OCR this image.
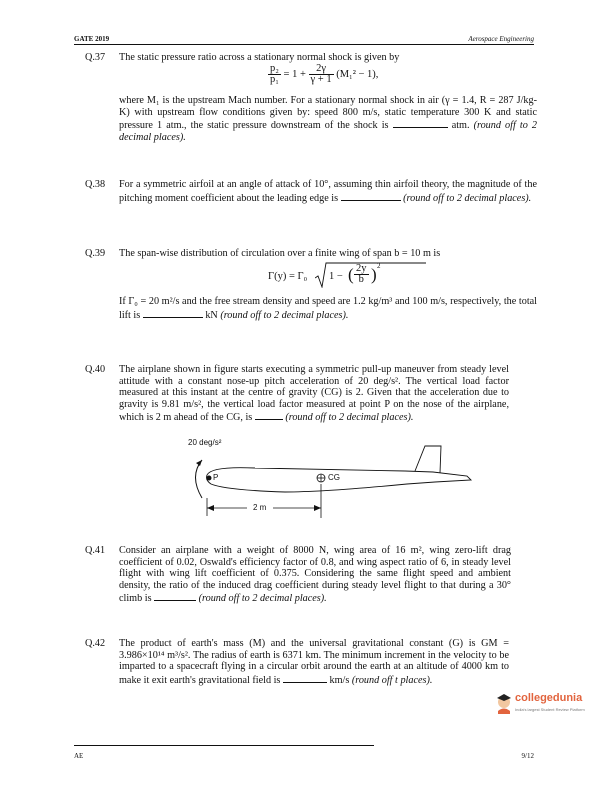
GATE 2019	Aerospace Engineering
Q.37	The static pressure ratio across a stationary normal shock is given by
$\frac{\text{p₂}}{\text{p₁}} = 1 + \frac{2\gamma}{\gamma + 1} (M_1^2 - 1)$,
where M₁ is the upstream Mach number. For a stationary normal shock in air (γ = 1.4, R = 287 J/kg-K) with upstream flow conditions given by: speed 800 m/s, static temperature 300 K and static pressure 1 atm., the static pressure downstream of the shock is	atm. (round off to 2 decimal places).
Q.38	For a symmetric airfoil at an angle of attack of 10°, assuming thin airfoil theory, the magnitude of the pitching moment coefficient about the leading edge is	(round off to 2 decimal places).
Q.39	The span-wise distribution of circulation over a finite wing of span b = 10 m is
Γ(y) = Γ₀ 1 − ( $\frac{2y}{b}$ ) 2
If Γ₀ = 20 m²/s and the free stream density and speed are 1.2 kg/m³ and 100 m/s, respectively, the total lift is	kN (round off to 2 decimal places).
Q.40	The airplane shown in figure starts executing a symmetric pull-up maneuver from steady level attitude with a constant nose-up pitch acceleration of 20 deg/s². The vertical load factor measured at this instant at the centre of gravity (CG) is 2. Given that the acceleration due to gravity is 9.81 m/s², the vertical load factor measured at point P on the nose of the airplane, which is 2 m ahead of the CG, is	(round off to 2 decimal places).
20 deg/s²
P	CG
2 m
Q.41	Consider an airplane with a weight of 8000 N, wing area of 16 m², wing zero-lift drag coefficient of 0.02, Oswald's efficiency factor of 0.8, and wing aspect ratio of 6, in steady level flight with wing lift coefficient of 0.375. Considering the same flight speed and ambient density, the ratio of the induced drag coefficient during steady level flight to that during a 30° climb is	(round off to 2 decimal places).
Q.42	The product of earth's mass (M) and the universal gravitational constant (G) is GM = 3.986×10¹⁴ m³/s². The radius of earth is 6371 km. The minimum increment in the velocity to be imparted to a spacecraft flying in a circular orbit around the earth at an altitude of 4000 km to make it exit earth's gravitational field is	km/s (round off t places).
collegedunia
India's largest Student Review Platform
AE	9/12
